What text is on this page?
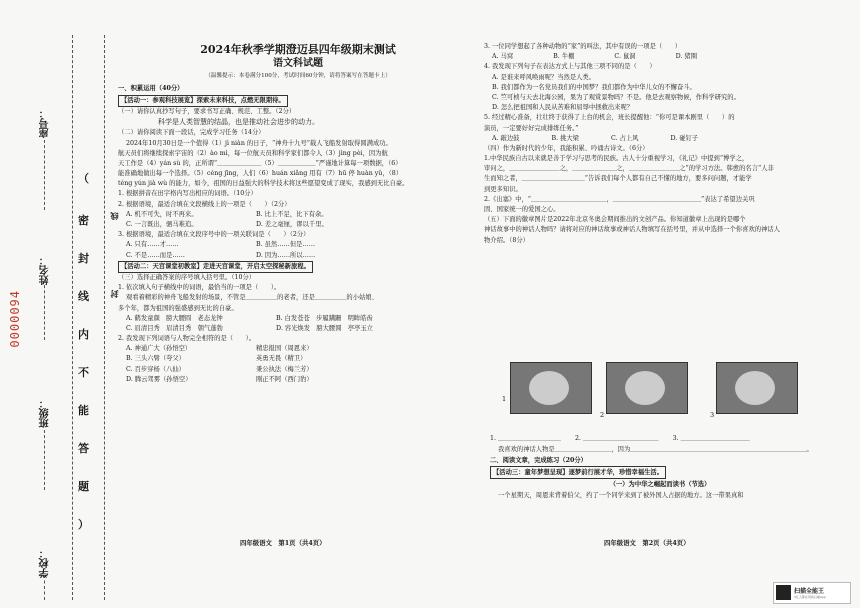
座号：
姓名：
班级：
学校：
0000094
（
密
封
线
内
不
能
答
题
）
线
封
2024年秋季学期澄迈县四年级期末测试
语文科试题
（温馨提示：本卷满分100分，考试时间60分钟，请将答案写在答题卡上）

一、积累运用（40分）

【活动一：参观科技展览】探索未来科技，点燃无限期待。

（一）请你认真抄写句子，要求书写正确、规范、工整。（2分）

科学是人类智慧的结晶，也是推动社会进步的动力。

（二）请你阅读下面一段话，完成学习任务（14分）

2024年10月30日是一个值得（1）jì niàn 的日子，“神舟十九号”载人飞船发射取得圆满成功。

航天员们将继续探索宇宙的（2）ào mì，每一位航天员和科学家们都令人（3）jìng pèi，因为航

天工作是（4）yán sù 的，正所谓“＿＿＿＿＿＿＿（5）＿＿＿＿＿＿”严谨地计算每一项数据，（6）

能准确地做出每一个选择。（5）céng jīng，人们（6）huán xiǎng 用有（7）hū 停 huàn yǔ，（8）

téng yún jià wù 的能力，如今，祖国的日益强大的科学技术将这些愿望变成了现实，我感到无比自豪。

1. 根据拼音在田字格内写出相应的词语。（10分）

2. 根据语境，最适合填在文段横线上的一项是（　　）（2分）

A. 机不可失，时不再来。	B. 比上不足，比下有余。
C. 一言既出，驷马难追。	D. 差之毫厘，谬以千里。

3. 根据语境，最适合填在文段序号中的一项关联词是（　　）（2分）

A. 只有……才……	B. 虽然……但是……
C. 不是……而是……	D. 因为……所以……

【活动二：天宫课堂初教室】走进天宫课堂，开启太空探秘新旅程。

（三）选择正确答案的序号填入括号里。（10分）

1. 依次填入句子横线中的词语，最恰当的一项是（　　）。

观看着精彩的神舟飞船发射的场景，不管是＿＿＿＿＿的老者，还是＿＿＿＿＿的小姑娘、

多个年，都为祖国的强盛感到无比的自豪。

A. 鹤发童颜　膀大腰圆　老态龙钟	B. 白发苍苍　步履蹒跚　明眸皓齿
C. 眉清目秀　眉清目秀　朝气蓬勃	D. 容光焕发　膀大腰圆　亭亭玉立

2. 我发现下列词语与人物完全相符的是（　　）。

A. 神通广大（孙悟空）	精忠报国（周恩来）
B. 三头六臂（夸父）	英勇无畏（精卫）
C. 百步穿杨（八仙）	秉公执法（梅兰芳）
D. 腾云驾雾（孙悟空）	刚正不阿（西门豹）
四年级语文　第1页（共4页）

3. 一位同学想起了各种动物的“家”的叫法，其中有误的一项是（　　）

A. 马窝	B. 牛棚	C. 鼠洞	D. 猪圈

4. 我发现下列句子在表达方式上与其他三项不同的是（　　）

A. 是谁来呼风唤雨呢？当然是人类。

B. 我们都作为一名党员我们的中国梦？我们都作为中华儿女的不懈奋斗。

C. 竺可桢与天去北海公园，果为了观赏景物吗？不是。他是去观察物候，作科学研究的。

D. 怎么把祖国和人民从苦难和屈辱中拯救出来呢？

5. 经过精心准备，壮壮终于获得了上台的机会，班长提醒他：“你可是课本剧里（　　）的

演员，一定要好好完成排练任务。”

A. 敲边鼓	B. 挑大梁	C. 占上风	D. 碰钉子

（四）作为新时代的少年，我能积累、吟诵古诗文。（6分）

1.中华民族自古以来就是善于学习与思考的民族。古人十分重视学习，《礼记》中提到“博学之，

审问之，＿＿＿＿＿＿＿＿之，＿＿＿＿＿＿＿之，＿＿＿＿＿＿＿＿之”的学习方法。韩愈的名言“人非

生而知之者，＿＿＿＿＿＿＿＿＿＿”告诉我们每个人都有自己不懂的地方，要多问问题，才能学

到更多知识。

2.《出塞》中，“＿＿＿＿＿＿＿＿＿＿＿＿，＿＿＿＿＿＿＿＿＿＿＿＿＿＿”表达了希望边关巩

固、国家统一的爱国之心。

（五）下面的徽章图片是2022年北京冬奥会期间推出的文创产品。你知道徽章上出现的是哪个

神话故事中的神话人物吗？请将对应的神话故事或神话人物填写在括号里，并从中选择一个你喜欢的神话人

物介绍。（8分）

1
2	3
1. ＿＿＿＿＿＿＿＿＿＿ 2. ＿＿＿＿＿＿＿＿＿＿＿＿ 3. ＿＿＿＿＿＿＿＿＿＿＿

我喜欢的神话人物是＿＿＿＿＿＿＿＿＿，因为＿＿＿＿＿＿＿＿＿＿＿＿＿＿＿＿＿＿＿＿＿＿＿＿＿＿＿＿。

二、阅读文章，完成练习（20分）

【活动三：童年梦想呈现】逐梦前行展才华，珍惜幸福生活。

（一）为中华之崛起而读书（节选）

一个星期天，周恩来背着伯父，约了一个同学来到了被外国人占据的地方。这一带果真和

四年级语文　第2页（共4页）
扫描全能王
3亿人都在用的扫描App
